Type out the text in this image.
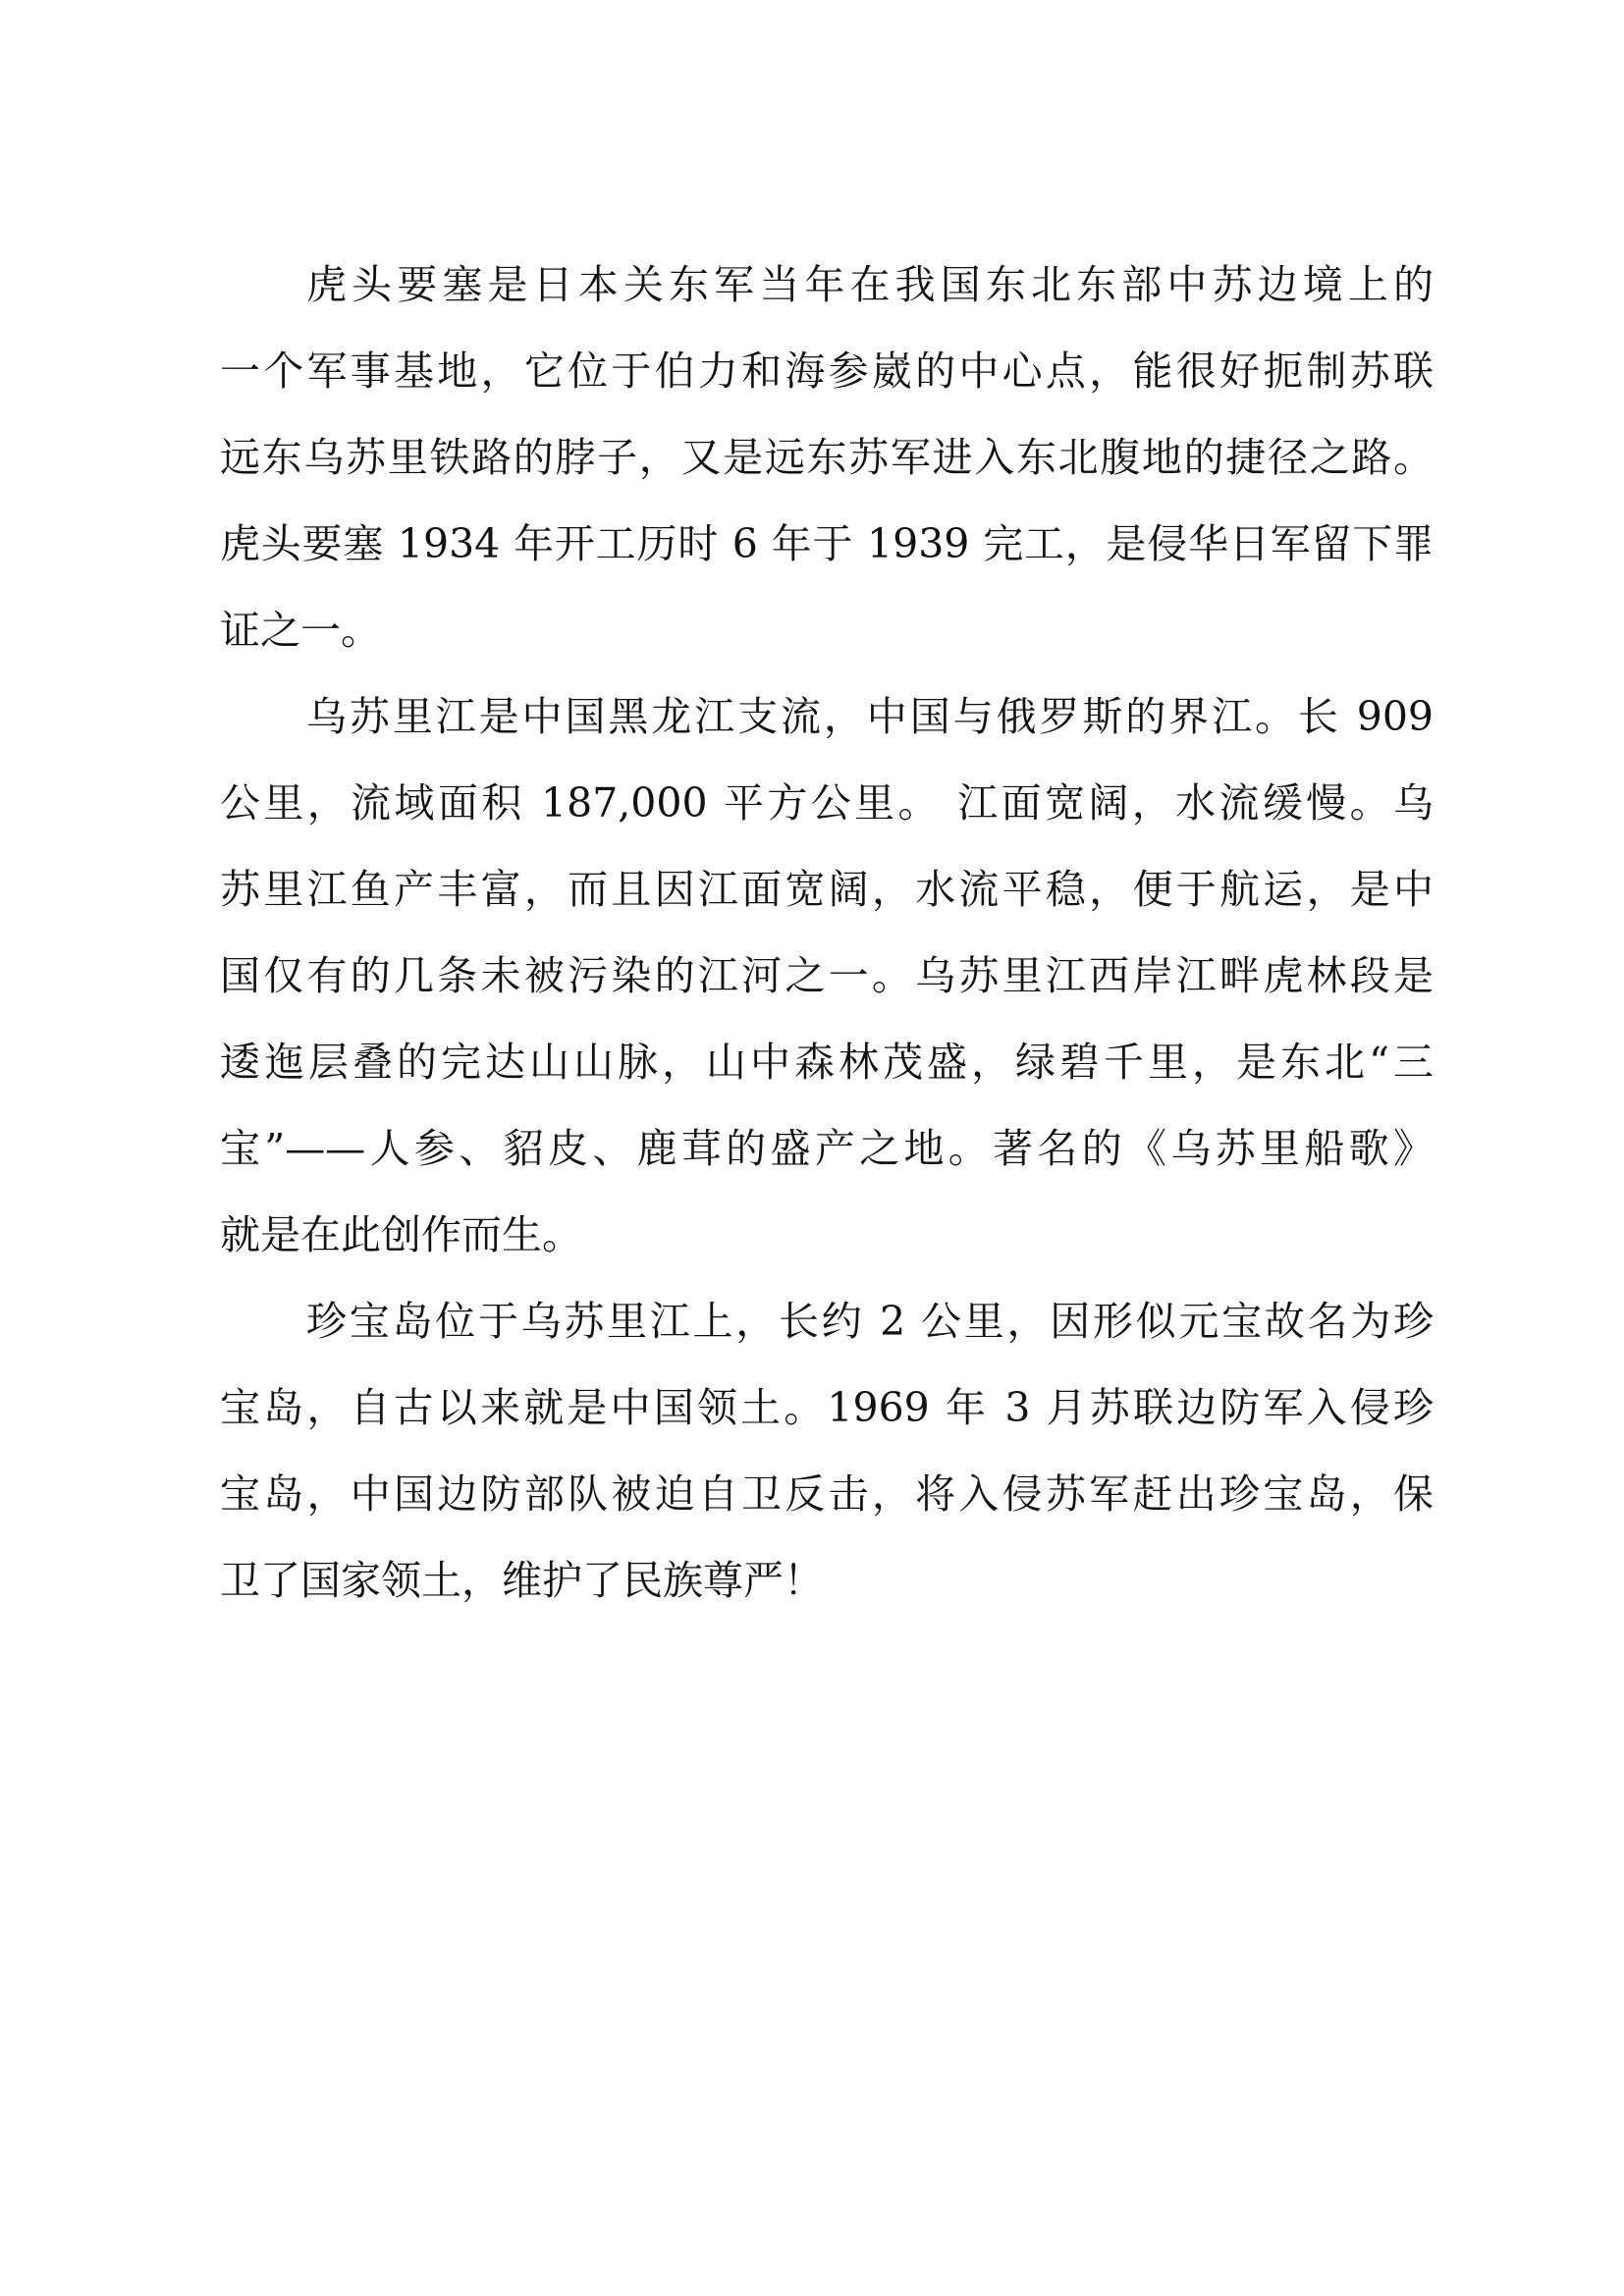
虎头要塞是日本关东军当年在我国东北东部中苏边境上的
一个军事基地，它位于伯力和海参崴的中心点，能很好扼制苏联
远东乌苏里铁路的脖子，又是远东苏军进入东北腹地的捷径之路。
虎头要塞 1934 年开工历时 6 年于 1939 完工，是侵华日军留下罪
证之一。
乌苏里江是中国黑龙江支流，中国与俄罗斯的界江。长 909
公里，流域面积 187,000 平方公里。 江面宽阔，水流缓慢。乌
苏里江鱼产丰富，而且因江面宽阔，水流平稳，便于航运，是中
国仅有的几条未被污染的江河之一。乌苏里江西岸江畔虎林段是
逶迤层叠的完达山山脉，山中森林茂盛，绿碧千里，是东北“三
宝”——人参、貂皮、鹿茸的盛产之地。著名的《乌苏里船歌》
就是在此创作而生。
珍宝岛位于乌苏里江上，长约 2 公里，因形似元宝故名为珍
宝岛，自古以来就是中国领土。1969 年 3 月苏联边防军入侵珍
宝岛，中国边防部队被迫自卫反击，将入侵苏军赶出珍宝岛，保
卫了国家领土，维护了民族尊严！
